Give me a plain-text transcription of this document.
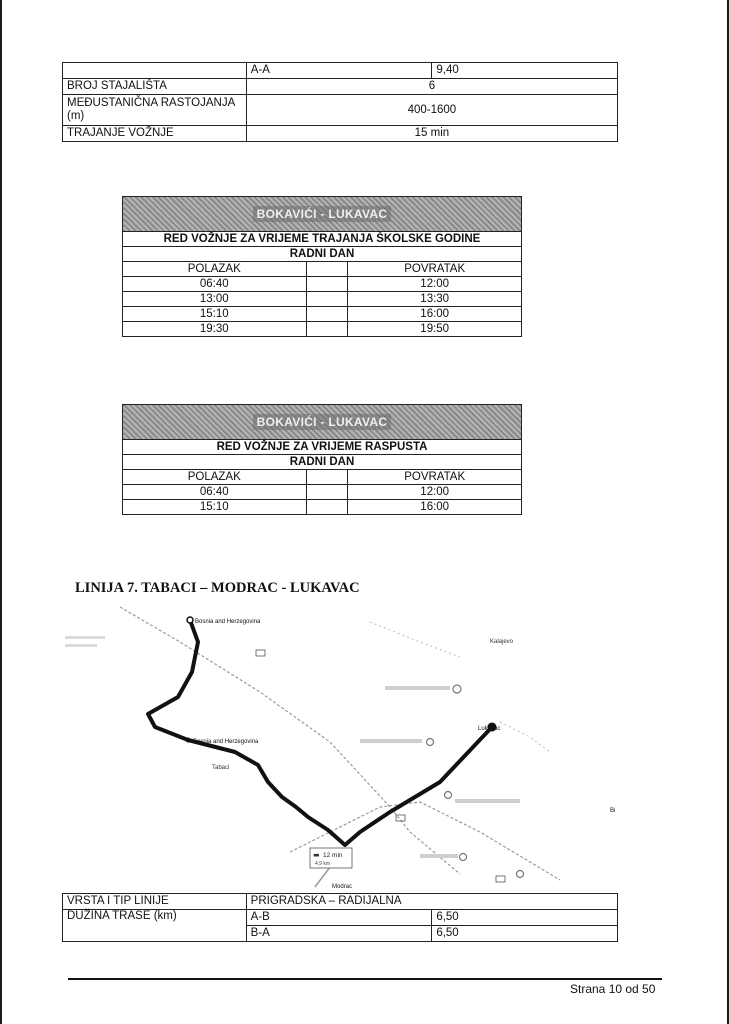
	A-A	9,40
BROJ STAJALIŠTA	6	
MEĐUSTANIČNA RASTOJANJA (m)	400-1600	
TRAJANJE VOŽNJE	15 min	
BOKAVIĆI - LUKAVAC		
RED VOŽNJE ZA VRIJEME TRAJANJA ŠKOLSKE GODINE		
RADNI DAN		
POLAZAK		POVRATAK
06:40		12:00
13:00		13:30
15:10		16:00
19:30		19:50
BOKAVIĆI - LUKAVAC		
RED VOŽNJE ZA VRIJEME RASPUSTA		
RADNI DAN		
POLAZAK		POVRATAK
06:40		12:00
15:10		16:00
LINIJA 7. TABACI – MODRAC - LUKAVAC
▬ 12 min
4,9 km
Bosnia and Herzegovina
Bosnia and Herzegovina
Tabaci
Kalajevo
Lukavac
Modrac
Bi
VRSTA I TIP LINIJE	PRIGRADSKA – RADIJALNA	
DUŽINA TRASE (km)	A-B	6,50
	B-A	6,50
Strana 10 od 50
